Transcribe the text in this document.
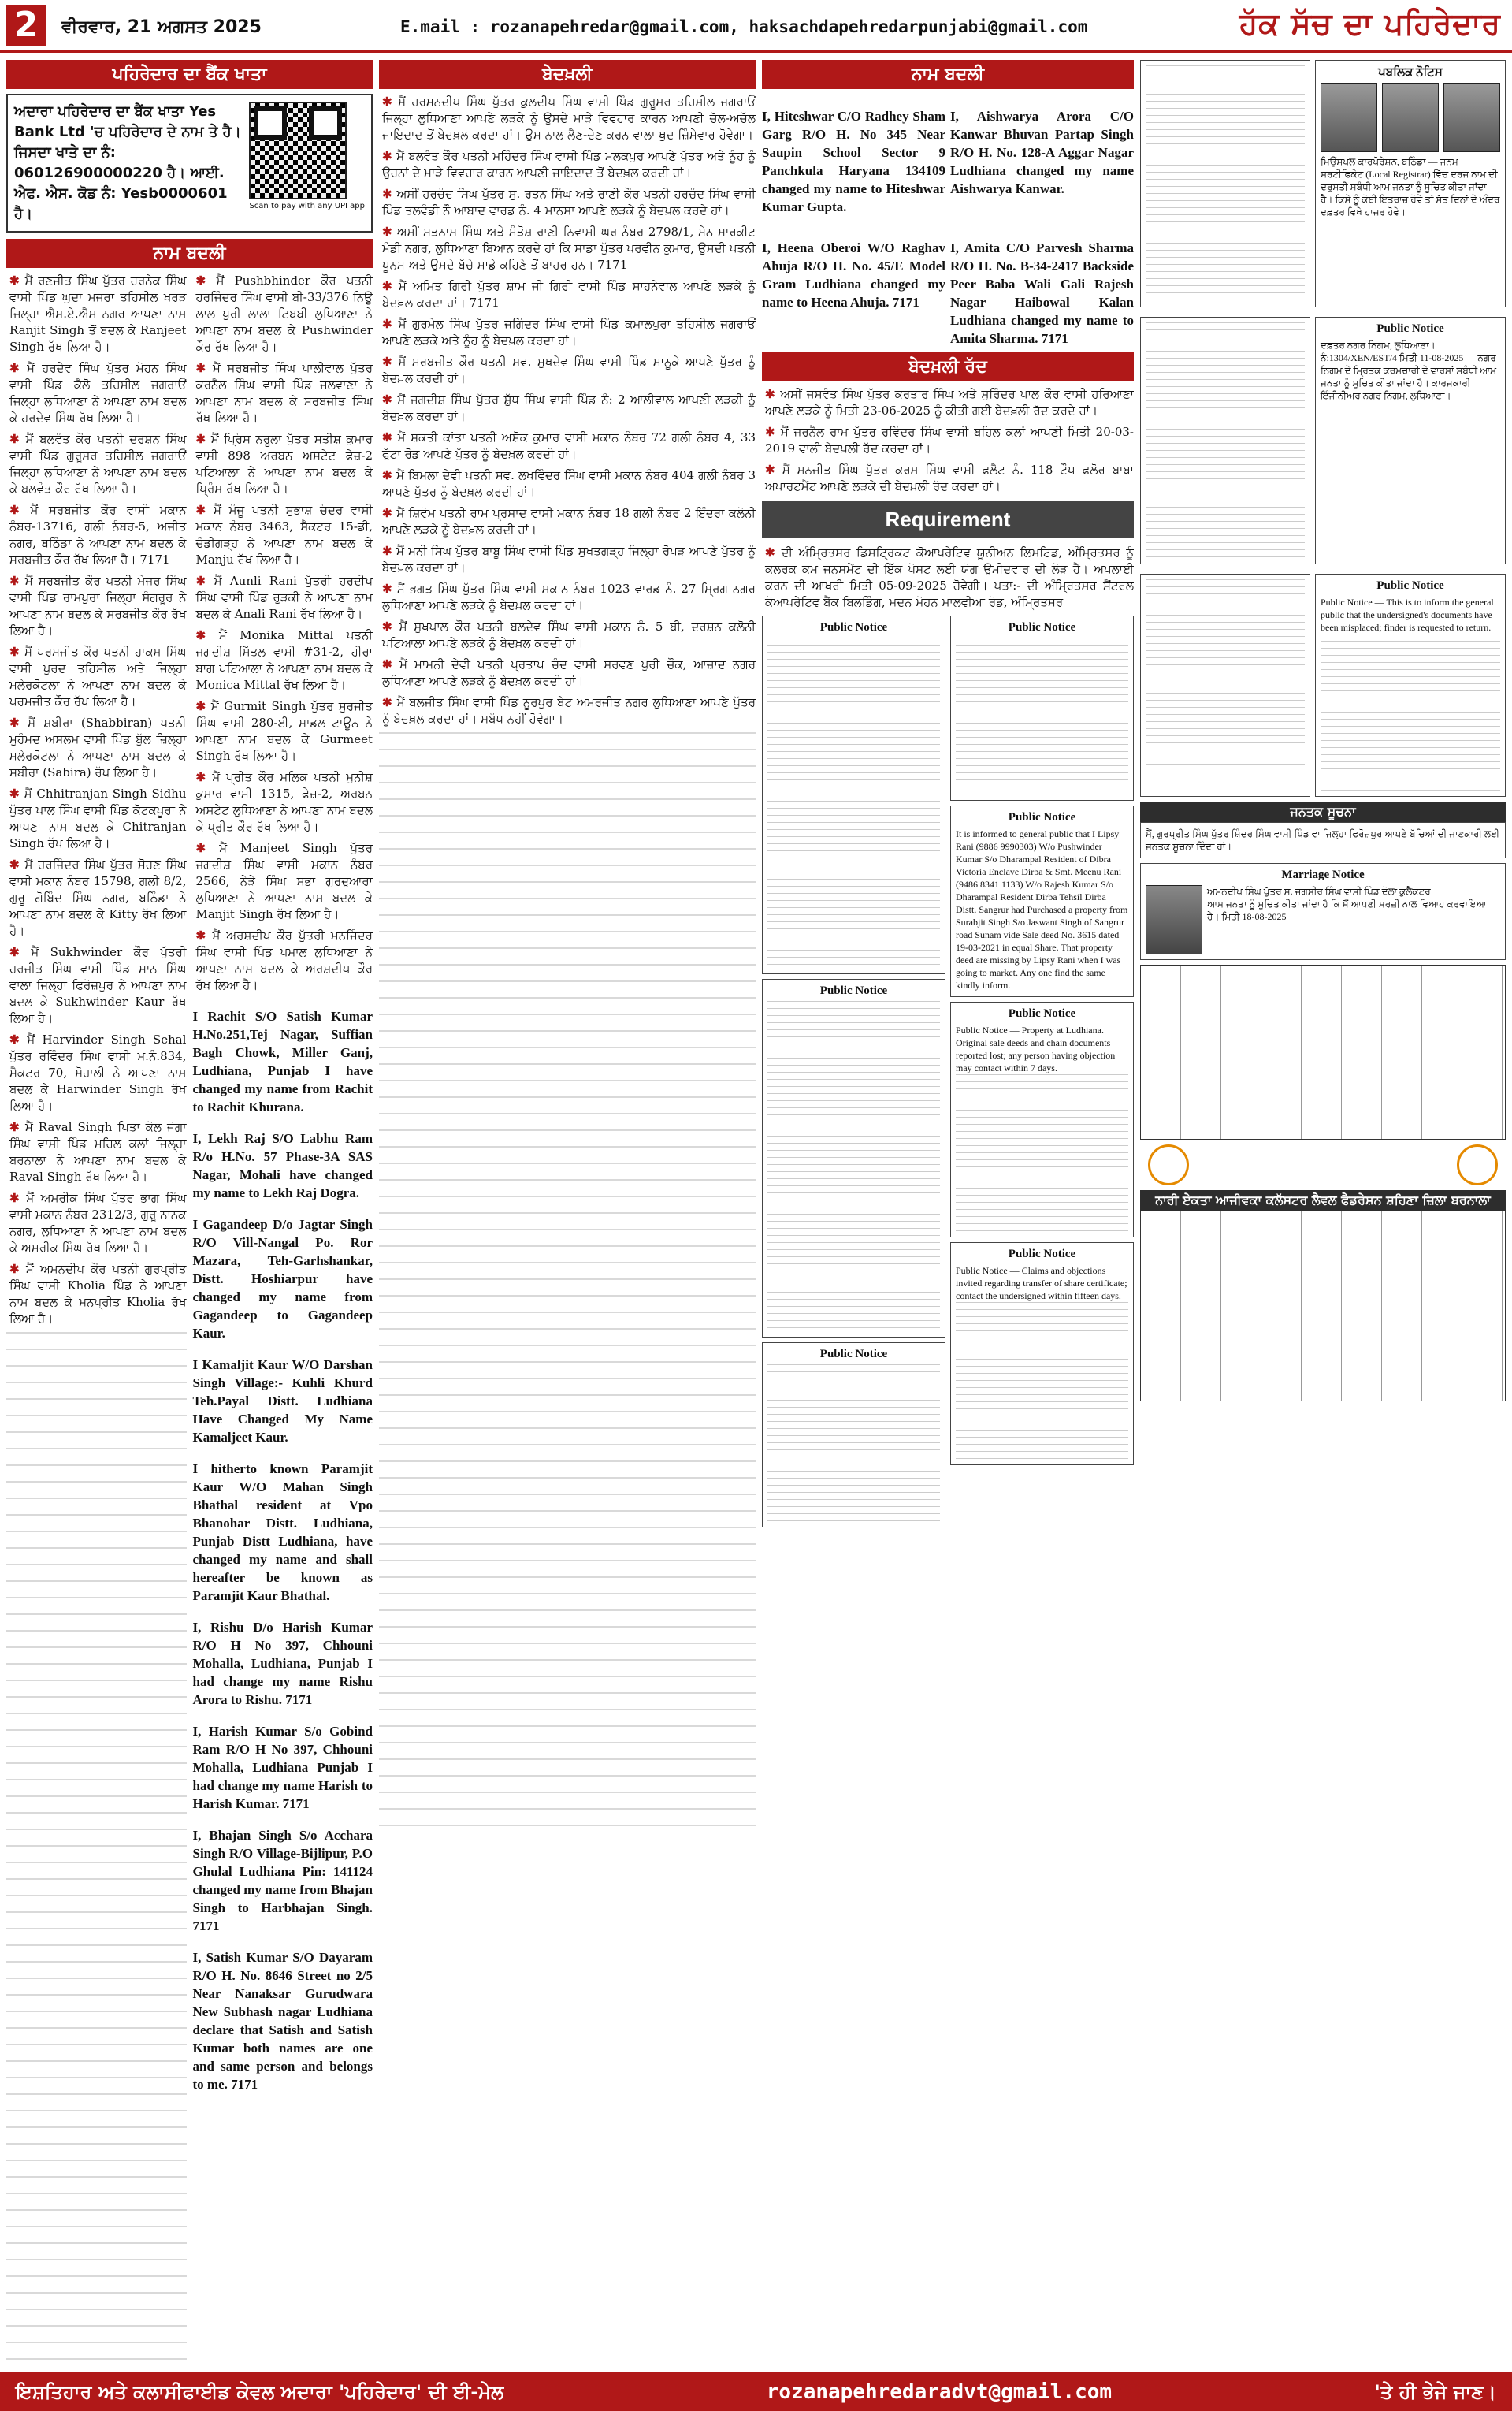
2	ਵੀਰਵਾਰ, 21 ਅਗਸਤ 2025	E.mail : rozanapehredar@gmail.com, haksachdapehredarpunjabi@gmail.com	ਹੱਕ ਸੱਚ ਦਾ ਪਹਿਰੇਦਾਰ
ਪਹਿਰੇਦਾਰ ਦਾ ਬੈਂਕ ਖਾਤਾ
ਅਦਾਰਾ ਪਹਿਰੇਦਾਰ ਦਾ ਬੈਂਕ ਖਾਤਾ Yes Bank Ltd 'ਚ ਪਹਿਰੇਦਾਰ ਦੇ ਨਾਮ ਤੇ ਹੈ। ਜਿਸਦਾ ਖਾਤੇ ਦਾ ਨੰ: 060126900000220 ਹੈ। ਆਈ. ਐਫ. ਐਸ. ਕੋਡ ਨੰ: Yesb0000601 ਹੈ।	Scan to pay with any UPI app
ਨਾਮ ਬਦਲੀ

✱ ਮੈਂ ਰਣਜੀਤ ਸਿੰਘ ਪੁੱਤਰ ਹਰਨੇਕ ਸਿੰਘ ਵਾਸੀ ਪਿੰਡ ਘੁਦਾ ਮਜਰਾ ਤਹਿਸੀਲ ਖਰੜ ਜਿਲ੍ਹਾ ਐਸ.ਏ.ਐਸ ਨਗਰ ਆਪਣਾ ਨਾਮ Ranjit Singh ਤੋਂ ਬਦਲ ਕੇ Ranjeet Singh ਰੱਖ ਲਿਆ ਹੈ।

✱ ਮੈਂ ਹਰਦੇਵ ਸਿੰਘ ਪੁੱਤਰ ਮੋਹਨ ਸਿੰਘ ਵਾਸੀ ਪਿੰਡ ਕੈਲੋ ਤਹਿਸੀਲ ਜਗਰਾਓਂ ਜਿਲ੍ਹਾ ਲੁਧਿਆਣਾ ਨੇ ਆਪਣਾ ਨਾਮ ਬਦਲ ਕੇ ਹਰਦੇਵ ਸਿੰਘ ਰੱਖ ਲਿਆ ਹੈ।

✱ ਮੈਂ ਬਲਵੰਤ ਕੌਰ ਪਤਨੀ ਦਰਸ਼ਨ ਸਿੰਘ ਵਾਸੀ ਪਿੰਡ ਗੁਰੂਸਰ ਤਹਿਸੀਲ ਜਗਰਾਓਂ ਜਿਲ੍ਹਾ ਲੁਧਿਆਣਾ ਨੇ ਆਪਣਾ ਨਾਮ ਬਦਲ ਕੇ ਬਲਵੰਤ ਕੌਰ ਰੱਖ ਲਿਆ ਹੈ।

✱ ਮੈਂ ਸਰਬਜੀਤ ਕੌਰ ਵਾਸੀ ਮਕਾਨ ਨੰਬਰ-13716, ਗਲੀ ਨੰਬਰ-5, ਅਜੀਤ ਨਗਰ, ਬਠਿੰਡਾ ਨੇ ਆਪਣਾ ਨਾਮ ਬਦਲ ਕੇ ਸਰਬਜੀਤ ਕੌਰ ਰੱਖ ਲਿਆ ਹੈ। 7171

✱ ਮੈਂ ਸਰਬਜੀਤ ਕੌਰ ਪਤਨੀ ਮੇਜਰ ਸਿੰਘ ਵਾਸੀ ਪਿੰਡ ਰਾਮਪੁਰਾ ਜਿਲ੍ਹਾ ਸੰਗਰੂਰ ਨੇ ਆਪਣਾ ਨਾਮ ਬਦਲ ਕੇ ਸਰਬਜੀਤ ਕੌਰ ਰੱਖ ਲਿਆ ਹੈ।

✱ ਮੈਂ ਪਰਮਜੀਤ ਕੌਰ ਪਤਨੀ ਹਾਕਮ ਸਿੰਘ ਵਾਸੀ ਖੁਰਦ ਤਹਿਸੀਲ ਅਤੇ ਜਿਲ੍ਹਾ ਮਲੇਰਕੋਟਲਾ ਨੇ ਆਪਣਾ ਨਾਮ ਬਦਲ ਕੇ ਪਰਮਜੀਤ ਕੌਰ ਰੱਖ ਲਿਆ ਹੈ।

✱ ਮੈਂ ਸ਼ਬੀਰਾ (Shabbiran) ਪਤਨੀ ਮੁਹੰਮਦ ਅਸਲਮ ਵਾਸੀ ਪਿੰਡ ਬੁੱਲ ਜ਼ਿਲ੍ਹਾ ਮਲੇਰਕੋਟਲਾ ਨੇ ਆਪਣਾ ਨਾਮ ਬਦਲ ਕੇ ਸਬੀਰਾ (Sabira) ਰੱਖ ਲਿਆ ਹੈ।

✱ ਮੈਂ Chhitranjan Singh Sidhu ਪੁੱਤਰ ਪਾਲ ਸਿੰਘ ਵਾਸੀ ਪਿੰਡ ਕੋਟਕਪੂਰਾ ਨੇ ਆਪਣਾ ਨਾਮ ਬਦਲ ਕੇ Chitranjan Singh ਰੱਖ ਲਿਆ ਹੈ।

✱ ਮੈਂ ਹਰਜਿੰਦਰ ਸਿੰਘ ਪੁੱਤਰ ਸੋਹਣ ਸਿੰਘ ਵਾਸੀ ਮਕਾਨ ਨੰਬਰ 15798, ਗਲੀ 8/2, ਗੁਰੂ ਗੋਬਿੰਦ ਸਿੰਘ ਨਗਰ, ਬਠਿੰਡਾ ਨੇ ਆਪਣਾ ਨਾਮ ਬਦਲ ਕੇ Kitty ਰੱਖ ਲਿਆ ਹੈ।

✱ ਮੈਂ Sukhwinder ਕੌਰ ਪੁੱਤਰੀ ਹਰਜੀਤ ਸਿੰਘ ਵਾਸੀ ਪਿੰਡ ਮਾਨ ਸਿੰਘ ਵਾਲਾ ਜਿਲ੍ਹਾ ਫਿਰੋਜ਼ਪੁਰ ਨੇ ਆਪਣਾ ਨਾਮ ਬਦਲ ਕੇ Sukhwinder Kaur ਰੱਖ ਲਿਆ ਹੈ।

✱ ਮੈਂ Harvinder Singh Sehal ਪੁੱਤਰ ਰਵਿੰਦਰ ਸਿੰਘ ਵਾਸੀ ਮ.ਨੰ.834, ਸੈਕਟਰ 70, ਮੋਹਾਲੀ ਨੇ ਆਪਣਾ ਨਾਮ ਬਦਲ ਕੇ Harwinder Singh ਰੱਖ ਲਿਆ ਹੈ।

✱ ਮੈਂ Raval Singh ਪਿਤਾ ਕੋਲ ਜੋਗਾ ਸਿੰਘ ਵਾਸੀ ਪਿੰਡ ਮਹਿਲ ਕਲਾਂ ਜਿਲ੍ਹਾ ਬਰਨਾਲਾ ਨੇ ਆਪਣਾ ਨਾਮ ਬਦਲ ਕੇ Raval Singh ਰੱਖ ਲਿਆ ਹੈ।

✱ ਮੈਂ ਅਮਰੀਕ ਸਿੰਘ ਪੁੱਤਰ ਭਾਗ ਸਿੰਘ ਵਾਸੀ ਮਕਾਨ ਨੰਬਰ 2312/3, ਗੁਰੂ ਨਾਨਕ ਨਗਰ, ਲੁਧਿਆਣਾ ਨੇ ਆਪਣਾ ਨਾਮ ਬਦਲ ਕੇ ਅਮਰੀਕ ਸਿੰਘ ਰੱਖ ਲਿਆ ਹੈ।

✱ ਮੈਂ ਅਮਨਦੀਪ ਕੌਰ ਪਤਨੀ ਗੁਰਪ੍ਰੀਤ ਸਿੰਘ ਵਾਸੀ Kholia ਪਿੰਡ ਨੇ ਆਪਣਾ ਨਾਮ ਬਦਲ ਕੇ ਮਨਪ੍ਰੀਤ Kholia ਰੱਖ ਲਿਆ ਹੈ।

✱ ਮੈਂ Pushbhinder ਕੌਰ ਪਤਨੀ ਹਰਜਿੰਦਰ ਸਿੰਘ ਵਾਸੀ ਬੀ-33/376 ਨਿਊ ਲਾਲ ਪੁਰੀ ਲਾਲਾ ਟਿਬਬੀ ਲੁਧਿਆਣਾ ਨੇ ਆਪਣਾ ਨਾਮ ਬਦਲ ਕੇ Pushwinder ਕੌਰ ਰੱਖ ਲਿਆ ਹੈ।

✱ ਮੈਂ ਸਰਬਜੀਤ ਸਿੰਘ ਪਾਲੀਵਾਲ ਪੁੱਤਰ ਕਰਨੈਲ ਸਿੰਘ ਵਾਸੀ ਪਿੰਡ ਜਲਵਾਣਾ ਨੇ ਆਪਣਾ ਨਾਮ ਬਦਲ ਕੇ ਸਰਬਜੀਤ ਸਿੰਘ ਰੱਖ ਲਿਆ ਹੈ।

✱ ਮੈਂ ਪ੍ਰਿੰਸ ਨਰੂਲਾ ਪੁੱਤਰ ਸਤੀਸ਼ ਕੁਮਾਰ ਵਾਸੀ 898 ਅਰਬਨ ਅਸਟੇਟ ਫੇਜ਼-2 ਪਟਿਆਲਾ ਨੇ ਆਪਣਾ ਨਾਮ ਬਦਲ ਕੇ ਪ੍ਰਿੰਸ ਰੱਖ ਲਿਆ ਹੈ।

✱ ਮੈਂ ਮੰਜੂ ਪਤਨੀ ਸੁਭਾਸ਼ ਚੰਦਰ ਵਾਸੀ ਮਕਾਨ ਨੰਬਰ 3463, ਸੈਕਟਰ 15-ਡੀ, ਚੰਡੀਗੜ੍ਹ ਨੇ ਆਪਣਾ ਨਾਮ ਬਦਲ ਕੇ Manju ਰੱਖ ਲਿਆ ਹੈ।

✱ ਮੈਂ Aunli Rani ਪੁੱਤਰੀ ਹਰਦੀਪ ਸਿੰਘ ਵਾਸੀ ਪਿੰਡ ਰੁੜਕੀ ਨੇ ਆਪਣਾ ਨਾਮ ਬਦਲ ਕੇ Anali Rani ਰੱਖ ਲਿਆ ਹੈ।

✱ ਮੈਂ Monika Mittal ਪਤਨੀ ਜਗਦੀਸ਼ ਮਿੱਤਲ ਵਾਸੀ #31-2, ਹੀਰਾ ਬਾਗ ਪਟਿਆਲਾ ਨੇ ਆਪਣਾ ਨਾਮ ਬਦਲ ਕੇ Monica Mittal ਰੱਖ ਲਿਆ ਹੈ।

✱ ਮੈਂ Gurmit Singh ਪੁੱਤਰ ਸੁਰਜੀਤ ਸਿੰਘ ਵਾਸੀ 280-ਈ, ਮਾਡਲ ਟਾਊਨ ਨੇ ਆਪਣਾ ਨਾਮ ਬਦਲ ਕੇ Gurmeet Singh ਰੱਖ ਲਿਆ ਹੈ।

✱ ਮੈਂ ਪ੍ਰੀਤ ਕੌਰ ਮਲਿਕ ਪਤਨੀ ਮੁਨੀਸ਼ ਕੁਮਾਰ ਵਾਸੀ 1315, ਫੇਜ਼-2, ਅਰਬਨ ਅਸਟੇਟ ਲੁਧਿਆਣਾ ਨੇ ਆਪਣਾ ਨਾਮ ਬਦਲ ਕੇ ਪ੍ਰੀਤ ਕੌਰ ਰੱਖ ਲਿਆ ਹੈ।

✱ ਮੈਂ Manjeet Singh ਪੁੱਤਰ ਜਗਦੀਸ਼ ਸਿੰਘ ਵਾਸੀ ਮਕਾਨ ਨੰਬਰ 2566, ਨੇੜੇ ਸਿੰਘ ਸਭਾ ਗੁਰਦੁਆਰਾ ਲੁਧਿਆਣਾ ਨੇ ਆਪਣਾ ਨਾਮ ਬਦਲ ਕੇ Manjit Singh ਰੱਖ ਲਿਆ ਹੈ।

✱ ਮੈਂ ਅਰਸ਼ਦੀਪ ਕੌਰ ਪੁੱਤਰੀ ਮਨਜਿੰਦਰ ਸਿੰਘ ਵਾਸੀ ਪਿੰਡ ਪਮਾਲ ਲੁਧਿਆਣਾ ਨੇ ਆਪਣਾ ਨਾਮ ਬਦਲ ਕੇ ਅਰਸ਼ਦੀਪ ਕੌਰ ਰੱਖ ਲਿਆ ਹੈ।

I Rachit S/O Satish Kumar H.No.251,Tej Nagar, Suffian Bagh Chowk, Miller Ganj, Ludhiana, Punjab I have changed my name from Rachit to Rachit Khurana.

I, Lekh Raj S/O Labhu Ram R/o H.No. 57 Phase-3A SAS Nagar, Mohali have changed my name to Lekh Raj Dogra.

I Gagandeep D/o Jagtar Singh R/O Vill-Nangal Po. Ror Mazara, Teh-Garhshankar, Distt. Hoshiarpur have changed my name from Gagandeep to Gagandeep Kaur.

I Kamaljit Kaur W/O Darshan Singh Village:- Kuhli Khurd Teh.Payal Distt. Ludhiana Have Changed My Name Kamaljeet Kaur.

I hitherto known Paramjit Kaur W/O Mahan Singh Bhathal resident at Vpo Bhanohar Distt. Ludhiana, Punjab Distt Ludhiana, have changed my name and shall hereafter be known as Paramjit Kaur Bhathal.

I, Rishu D/o Harish Kumar R/O H No 397, Chhouni Mohalla, Ludhiana, Punjab I had change my name Rishu Arora to Rishu. 7171

I, Harish Kumar S/o Gobind Ram R/O H No 397, Chhouni Mohalla, Ludhiana Punjab I had change my name Harish to Harish Kumar. 7171

I, Bhajan Singh S/o Acchara Singh R/O Village-Bijlipur, P.O Ghulal Ludhiana Pin: 141124 changed my name from Bhajan Singh to Harbhajan Singh. 7171

I, Satish Kumar S/O Dayaram R/O H. No. 8646 Street no 2/5 Near Nanaksar Gurudwara New Subhash nagar Ludhiana declare that Satish and Satish Kumar both names are one and same person and belongs to me. 7171

ਬੇਦਖ਼ਲੀ

✱ ਮੈਂ ਹਰਮਨਦੀਪ ਸਿੰਘ ਪੁੱਤਰ ਕੁਲਦੀਪ ਸਿੰਘ ਵਾਸੀ ਪਿੰਡ ਗੁਰੂਸਰ ਤਹਿਸੀਲ ਜਗਰਾਓਂ ਜਿਲ੍ਹਾ ਲੁਧਿਆਣਾ ਆਪਣੇ ਲੜਕੇ ਨੂੰ ਉਸਦੇ ਮਾੜੇ ਵਿਵਹਾਰ ਕਾਰਨ ਆਪਣੀ ਚੱਲ-ਅਚੱਲ ਜਾਇਦਾਦ ਤੋਂ ਬੇਦਖ਼ਲ ਕਰਦਾ ਹਾਂ। ਉਸ ਨਾਲ ਲੈਣ-ਦੇਣ ਕਰਨ ਵਾਲਾ ਖੁਦ ਜ਼ਿੰਮੇਵਾਰ ਹੋਵੇਗਾ।

✱ ਮੈਂ ਬਲਵੰਤ ਕੌਰ ਪਤਨੀ ਮਹਿੰਦਰ ਸਿੰਘ ਵਾਸੀ ਪਿੰਡ ਮਲਕਪੁਰ ਆਪਣੇ ਪੁੱਤਰ ਅਤੇ ਨੂੰਹ ਨੂੰ ਉਹਨਾਂ ਦੇ ਮਾੜੇ ਵਿਵਹਾਰ ਕਾਰਨ ਆਪਣੀ ਜਾਇਦਾਦ ਤੋਂ ਬੇਦਖ਼ਲ ਕਰਦੀ ਹਾਂ।

✱ ਅਸੀਂ ਹਰਚੰਦ ਸਿੰਘ ਪੁੱਤਰ ਸੁ. ਰਤਨ ਸਿੰਘ ਅਤੇ ਰਾਣੀ ਕੌਰ ਪਤਨੀ ਹਰਚੰਦ ਸਿੰਘ ਵਾਸੀ ਪਿੰਡ ਤਲਵੰਡੀ ਨੌ ਆਬਾਦ ਵਾਰਡ ਨੰ. 4 ਮਾਨਸਾ ਆਪਣੇ ਲੜਕੇ ਨੂੰ ਬੇਦਖ਼ਲ ਕਰਦੇ ਹਾਂ।

✱ ਅਸੀਂ ਸਤਨਾਮ ਸਿੰਘ ਅਤੇ ਸੰਤੋਸ਼ ਰਾਣੀ ਨਿਵਾਸੀ ਘਰ ਨੰਬਰ 2798/1, ਮੇਨ ਮਾਰਕੀਟ ਮੰਡੀ ਨਗਰ, ਲੁਧਿਆਣਾ ਬਿਆਨ ਕਰਦੇ ਹਾਂ ਕਿ ਸਾਡਾ ਪੁੱਤਰ ਪਰਵੀਨ ਕੁਮਾਰ, ਉਸਦੀ ਪਤਨੀ ਪੂਨਮ ਅਤੇ ਉਸਦੇ ਬੱਚੇ ਸਾਡੇ ਕਹਿਣੇ ਤੋਂ ਬਾਹਰ ਹਨ। 7171

✱ ਮੈਂ ਅਮਿਤ ਗਿਰੀ ਪੁੱਤਰ ਸ਼ਾਮ ਜੀ ਗਿਰੀ ਵਾਸੀ ਪਿੰਡ ਸਾਹਨੇਵਾਲ ਆਪਣੇ ਲੜਕੇ ਨੂੰ ਬੇਦਖ਼ਲ ਕਰਦਾ ਹਾਂ। 7171

✱ ਮੈਂ ਗੁਰਮੇਲ ਸਿੰਘ ਪੁੱਤਰ ਜਗਿੰਦਰ ਸਿੰਘ ਵਾਸੀ ਪਿੰਡ ਕਮਾਲਪੁਰਾ ਤਹਿਸੀਲ ਜਗਰਾਓਂ ਆਪਣੇ ਲੜਕੇ ਅਤੇ ਨੂੰਹ ਨੂੰ ਬੇਦਖ਼ਲ ਕਰਦਾ ਹਾਂ।

✱ ਮੈਂ ਸਰਬਜੀਤ ਕੌਰ ਪਤਨੀ ਸਵ. ਸੁਖਦੇਵ ਸਿੰਘ ਵਾਸੀ ਪਿੰਡ ਮਾਨੂਕੇ ਆਪਣੇ ਪੁੱਤਰ ਨੂੰ ਬੇਦਖ਼ਲ ਕਰਦੀ ਹਾਂ।

✱ ਮੈਂ ਜਗਦੀਸ਼ ਸਿੰਘ ਪੁੱਤਰ ਸ਼ੁੱਧ ਸਿੰਘ ਵਾਸੀ ਪਿੰਡ ਨੰ: 2 ਆਲੀਵਾਲ ਆਪਣੀ ਲੜਕੀ ਨੂੰ ਬੇਦਖ਼ਲ ਕਰਦਾ ਹਾਂ।

✱ ਮੈਂ ਸ਼ਕਤੀ ਕਾਂਤਾ ਪਤਨੀ ਅਸ਼ੋਕ ਕੁਮਾਰ ਵਾਸੀ ਮਕਾਨ ਨੰਬਰ 72 ਗਲੀ ਨੰਬਰ 4, 33 ਫੁੱਟਾ ਰੋਡ ਆਪਣੇ ਪੁੱਤਰ ਨੂੰ ਬੇਦਖ਼ਲ ਕਰਦੀ ਹਾਂ।

✱ ਮੈਂ ਬਿਮਲਾ ਦੇਵੀ ਪਤਨੀ ਸਵ. ਲਖਵਿੰਦਰ ਸਿੰਘ ਵਾਸੀ ਮਕਾਨ ਨੰਬਰ 404 ਗਲੀ ਨੰਬਰ 3 ਆਪਣੇ ਪੁੱਤਰ ਨੂੰ ਬੇਦਖ਼ਲ ਕਰਦੀ ਹਾਂ।

✱ ਮੈਂ ਸ਼ਿਵੋਮ ਪਤਨੀ ਰਾਮ ਪ੍ਰਸਾਦ ਵਾਸੀ ਮਕਾਨ ਨੰਬਰ 18 ਗਲੀ ਨੰਬਰ 2 ਇੰਦਰਾ ਕਲੋਨੀ ਆਪਣੇ ਲੜਕੇ ਨੂੰ ਬੇਦਖ਼ਲ ਕਰਦੀ ਹਾਂ।

✱ ਮੈਂ ਮਨੀ ਸਿੰਘ ਪੁੱਤਰ ਬਾਬੂ ਸਿੰਘ ਵਾਸੀ ਪਿੰਡ ਸੁਖਤਗੜ੍ਹ ਜਿਲ੍ਹਾ ਰੋਪੜ ਆਪਣੇ ਪੁੱਤਰ ਨੂੰ ਬੇਦਖ਼ਲ ਕਰਦਾ ਹਾਂ।

✱ ਮੈਂ ਭਗਤ ਸਿੰਘ ਪੁੱਤਰ ਸਿੰਘ ਵਾਸੀ ਮਕਾਨ ਨੰਬਰ 1023 ਵਾਰਡ ਨੰ. 27 ਮ੍ਰਿਗ ਨਗਰ ਲੁਧਿਆਣਾ ਆਪਣੇ ਲੜਕੇ ਨੂੰ ਬੇਦਖ਼ਲ ਕਰਦਾ ਹਾਂ।

✱ ਮੈਂ ਸੁਖਪਾਲ ਕੌਰ ਪਤਨੀ ਬਲਦੇਵ ਸਿੰਘ ਵਾਸੀ ਮਕਾਨ ਨੰ. 5 ਬੀ, ਦਰਸ਼ਨ ਕਲੋਨੀ ਪਟਿਆਲਾ ਆਪਣੇ ਲੜਕੇ ਨੂੰ ਬੇਦਖ਼ਲ ਕਰਦੀ ਹਾਂ।

✱ ਮੈਂ ਮਾਮਨੀ ਦੇਵੀ ਪਤਨੀ ਪ੍ਰਤਾਪ ਚੰਦ ਵਾਸੀ ਸਰਵਣ ਪੁਰੀ ਚੌਕ, ਆਜ਼ਾਦ ਨਗਰ ਲੁਧਿਆਣਾ ਆਪਣੇ ਲੜਕੇ ਨੂੰ ਬੇਦਖ਼ਲ ਕਰਦੀ ਹਾਂ।

✱ ਮੈਂ ਬਲਜੀਤ ਸਿੰਘ ਵਾਸੀ ਪਿੰਡ ਨੂਰਪੁਰ ਬੇਟ ਅਮਰਜੀਤ ਨਗਰ ਲੁਧਿਆਣਾ ਆਪਣੇ ਪੁੱਤਰ ਨੂੰ ਬੇਦਖ਼ਲ ਕਰਦਾ ਹਾਂ। ਸਬੰਧ ਨਹੀਂ ਹੋਵੇਗਾ।

ਨਾਮ ਬਦਲੀ

I, Hiteshwar C/O Radhey Sham Garg R/O H. No 345 Near Saupin School Sector 9 Panchkula Haryana 134109 changed my name to Hiteshwar Kumar Gupta.

I, Aishwarya Arora C/O Kanwar Bhuvan Partap Singh R/O H. No. 128-A Aggar Nagar Ludhiana changed my name Aishwarya Kanwar.

I, Heena Oberoi W/O Raghav Ahuja R/O H. No. 45/E Model Gram Ludhiana changed my name to Heena Ahuja. 7171

I, Amita C/O Parvesh Sharma R/O H. No. B-34-2417 Backside Peer Baba Wali Gali Rajesh Nagar Haibowal Kalan Ludhiana changed my name to Amita Sharma. 7171

ਬੇਦਖ਼ਲੀ ਰੱਦ

✱ ਅਸੀਂ ਜਸਵੰਤ ਸਿੰਘ ਪੁੱਤਰ ਕਰਤਾਰ ਸਿੰਘ ਅਤੇ ਸੁਰਿੰਦਰ ਪਾਲ ਕੌਰ ਵਾਸੀ ਹਰਿਆਣਾ ਆਪਣੇ ਲੜਕੇ ਨੂੰ ਮਿਤੀ 23-06-2025 ਨੂੰ ਕੀਤੀ ਗਈ ਬੇਦਖ਼ਲੀ ਰੱਦ ਕਰਦੇ ਹਾਂ।

✱ ਮੈਂ ਜਰਨੈਲ ਰਾਮ ਪੁੱਤਰ ਰਵਿੰਦਰ ਸਿੰਘ ਵਾਸੀ ਬਹਿਲ ਕਲਾਂ ਆਪਣੀ ਮਿਤੀ 20-03-2019 ਵਾਲੀ ਬੇਦਖ਼ਲੀ ਰੱਦ ਕਰਦਾ ਹਾਂ।

✱ ਮੈਂ ਮਨਜੀਤ ਸਿੰਘ ਪੁੱਤਰ ਕਰਮ ਸਿੰਘ ਵਾਸੀ ਫਲੈਟ ਨੰ. 118 ਟੌਪ ਫਲੋਰ ਬਾਬਾ ਅਪਾਰਟਮੈਂਟ ਆਪਣੇ ਲੜਕੇ ਦੀ ਬੇਦਖ਼ਲੀ ਰੱਦ ਕਰਦਾ ਹਾਂ।

Requirement

✱ ਦੀ ਅੰਮ੍ਰਿਤਸਰ ਡਿਸਟ੍ਰਿਕਟ ਕੋਆਪਰੇਟਿਵ ਯੂਨੀਅਨ ਲਿਮਟਿਡ, ਅੰਮ੍ਰਿਤਸਰ ਨੂੰ ਕਲਰਕ ਕਮ ਜਨਸਮੇਂਟ ਦੀ ਇੱਕ ਪੋਸਟ ਲਈ ਯੋਗ ਉਮੀਦਵਾਰ ਦੀ ਲੋੜ ਹੈ। ਅਪਲਾਈ ਕਰਨ ਦੀ ਆਖਰੀ ਮਿਤੀ 05-09-2025 ਹੋਵੇਗੀ। ਪਤਾ:- ਦੀ ਅੰਮ੍ਰਿਤਸਰ ਸੈਂਟਰਲ ਕੋਆਪਰੇਟਿਵ ਬੈਂਕ ਬਿਲਡਿੰਗ, ਮਦਨ ਮੋਹਨ ਮਾਲਵੀਆ ਰੋਡ, ਅੰਮ੍ਰਿਤਸਰ

Public Notice
Public Notice
Public Notice
Public Notice
Public Notice
It is informed to general public that I Lipsy Rani (9886 9990303) W/o Pushwinder Kumar S/o Dharampal Resident of Dibra Victoria Enclave Dirba & Smt. Meenu Rani (9486 8341 1133) W/o Rajesh Kumar S/o Dharampal Resident Dirba Tehsil Dirba Distt. Sangrur had Purchased a property from Surabjit Singh S/o Jaswant Singh of Sangrur road Sunam vide Sale deed No. 3615 dated 19-03-2021 in equal Share. That property deed are missing by Lipsy Rani when I was going to market. Any one find the same kindly inform.
Public Notice
Public Notice — Property at Ludhiana. Original sale deeds and chain documents reported lost; any person having objection may contact within 7 days.
Public Notice
Public Notice — Claims and objections invited regarding transfer of share certificate; contact the undersigned within fifteen days.
ਪਬਲਿਕ ਨੋਟਿਸ
ਮਿਉਂਸਪਲ ਕਾਰਪੋਰੇਸ਼ਨ, ਬਠਿੰਡਾ — ਜਨਮ ਸਰਟੀਫਿਕੇਟ (Local Registrar) ਵਿੱਚ ਦਰਜ ਨਾਮ ਦੀ ਦਰੁਸਤੀ ਸਬੰਧੀ ਆਮ ਜਨਤਾ ਨੂੰ ਸੂਚਿਤ ਕੀਤਾ ਜਾਂਦਾ ਹੈ। ਕਿਸੇ ਨੂੰ ਕੋਈ ਇਤਰਾਜ਼ ਹੋਵੇ ਤਾਂ ਸੱਤ ਦਿਨਾਂ ਦੇ ਅੰਦਰ ਦਫ਼ਤਰ ਵਿਖੇ ਹਾਜ਼ਰ ਹੋਵੇ।
Public Notice
ਦਫ਼ਤਰ ਨਗਰ ਨਿਗਮ, ਲੁਧਿਆਣਾ। ਨੰ:1304/XEN/EST/4 ਮਿਤੀ 11-08-2025 — ਨਗਰ ਨਿਗਮ ਦੇ ਮ੍ਰਿਤਕ ਕਰਮਚਾਰੀ ਦੇ ਵਾਰਸਾਂ ਸਬੰਧੀ ਆਮ ਜਨਤਾ ਨੂੰ ਸੂਚਿਤ ਕੀਤਾ ਜਾਂਦਾ ਹੈ। ਕਾਰਜਕਾਰੀ ਇੰਜੀਨੀਅਰ ਨਗਰ ਨਿਗਮ, ਲੁਧਿਆਣਾ।
Public Notice
Public Notice — This is to inform the general public that the undersigned's documents have been misplaced; finder is requested to return.
ਜਨਤਕ ਸੂਚਨਾ
ਮੈਂ, ਗੁਰਪ੍ਰੀਤ ਸਿੰਘ ਪੁੱਤਰ ਸ਼ਿੰਦਰ ਸਿੰਘ ਵਾਸੀ ਪਿੰਡ ਵਾ ਜਿਲ੍ਹਾ ਫਿਰੋਜ਼ਪੁਰ ਆਪਣੇ ਬੱਚਿਆਂ ਦੀ ਜਾਣਕਾਰੀ ਲਈ ਜਨਤਕ ਸੂਚਨਾ ਦਿੰਦਾ ਹਾਂ।
Marriage Notice
ਅਮਨਦੀਪ ਸਿੰਘ ਪੁੱਤਰ ਸ. ਜਗਸੀਰ ਸਿੰਘ ਵਾਸੀ ਪਿੰਡ ਦੋਲਾ ਕੁਲੈਕਟਰ
ਆਮ ਜਨਤਾ ਨੂੰ ਸੂਚਿਤ ਕੀਤਾ ਜਾਂਦਾ ਹੈ ਕਿ ਮੈਂ ਆਪਣੀ ਮਰਜ਼ੀ ਨਾਲ ਵਿਆਹ ਕਰਵਾਇਆ ਹੈ। ਮਿਤੀ 18-08-2025
ਨਾਰੀ ਏਕਤਾ ਆਜੀਵਕਾ ਕਲੱਸਟਰ ਲੈਵਲ ਫੈਡਰੇਸ਼ਨ ਸ਼ਹਿਣਾ ਜ਼ਿਲਾ ਬਰਨਾਲਾ
ਇਸ਼ਤਿਹਾਰ ਅਤੇ ਕਲਾਸੀਫਾਈਡ ਕੇਵਲ ਅਦਾਰਾ 'ਪਹਿਰੇਦਾਰ' ਦੀ ਈ-ਮੇਲ	rozanapehredaradvt@gmail.com	'ਤੇ ਹੀ ਭੇਜੇ ਜਾਣ।
